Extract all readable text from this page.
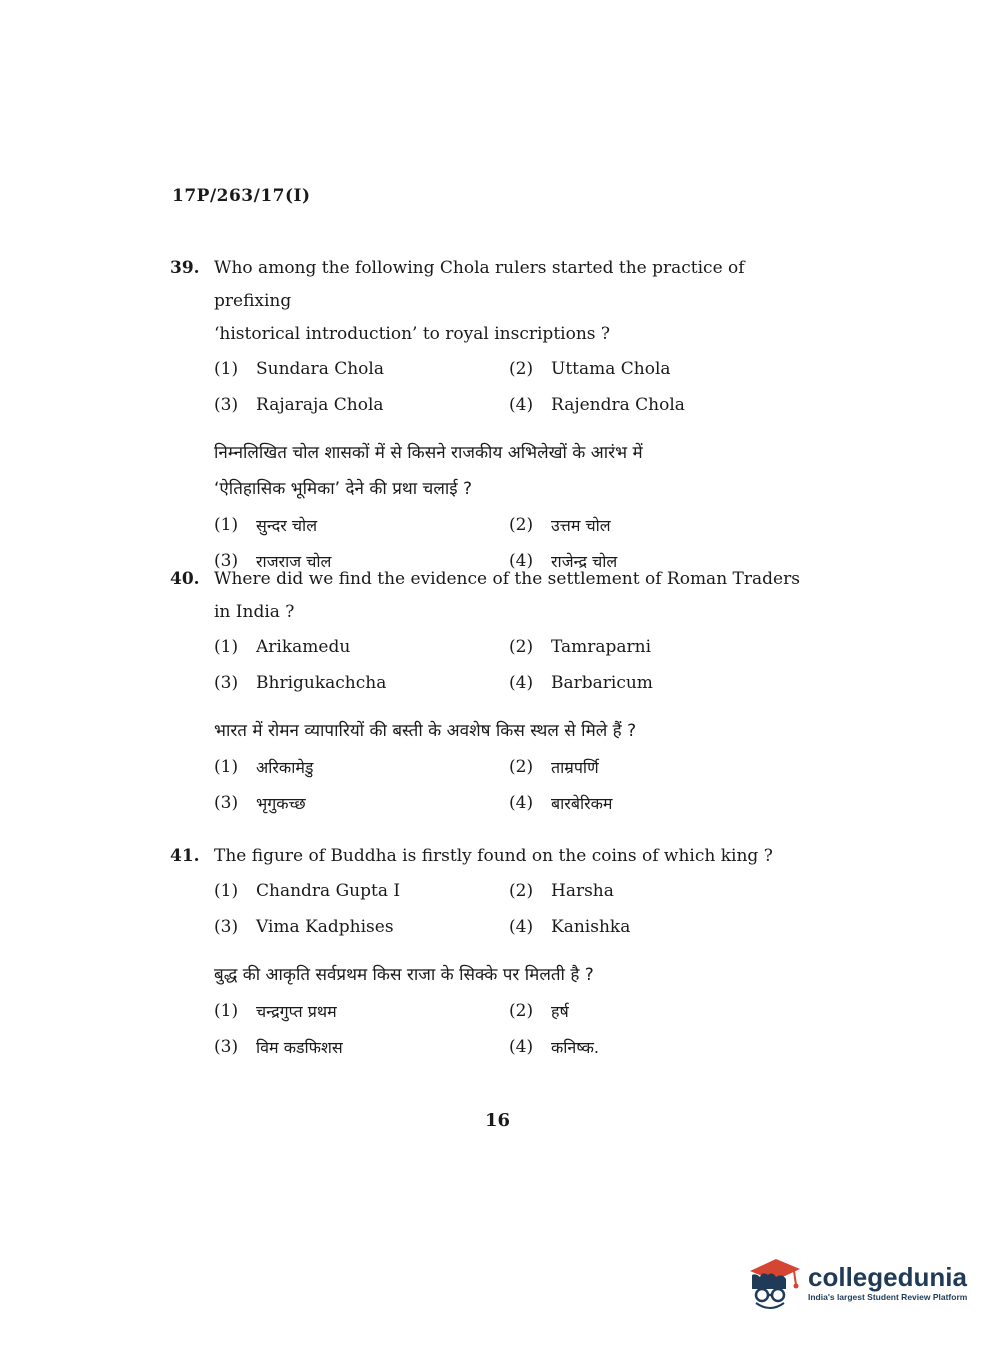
17P/263/17(I)
39. Who among the following Chola rulers started the practice of prefixing
‘historical introduction’ to royal inscriptions ?
(1)	Sundara Chola	(2)	Uttama Chola
(3)	Rajaraja Chola	(4)	Rajendra Chola
निम्नलिखित चोल शासकों में से किसने राजकीय अभिलेखों के आरंभ में
‘ऐतिहासिक भूमिका’ देने की प्रथा चलाई ?
(1)	सुन्दर चोल	(2)	उत्तम चोल
(3)	राजराज चोल	(4)	राजेन्द्र चोल
40. Where did we find the evidence of the settlement of Roman Traders
in India ?
(1)	Arikamedu	(2)	Tamraparni
(3)	Bhrigukachcha	(4)	Barbaricum
भारत में रोमन व्यापारियों की बस्ती के अवशेष किस स्थल से मिले हैं ?
(1)	अरिकामेडु	(2)	ताम्रपर्णि
(3)	भृगुकच्छ	(4)	बारबेरिकम
41. The figure of Buddha is firstly found on the coins of which king ?
(1)	Chandra Gupta I	(2)	Harsha
(3)	Vima Kadphises	(4)	Kanishka
बुद्ध की आकृति सर्वप्रथम किस राजा के सिक्के पर मिलती है ?
(1)	चन्द्रगुप्त प्रथम	(2)	हर्ष
(3)	विम कडफिशस	(4)	कनिष्क.
16
collegedunia
India's largest Student Review Platform
